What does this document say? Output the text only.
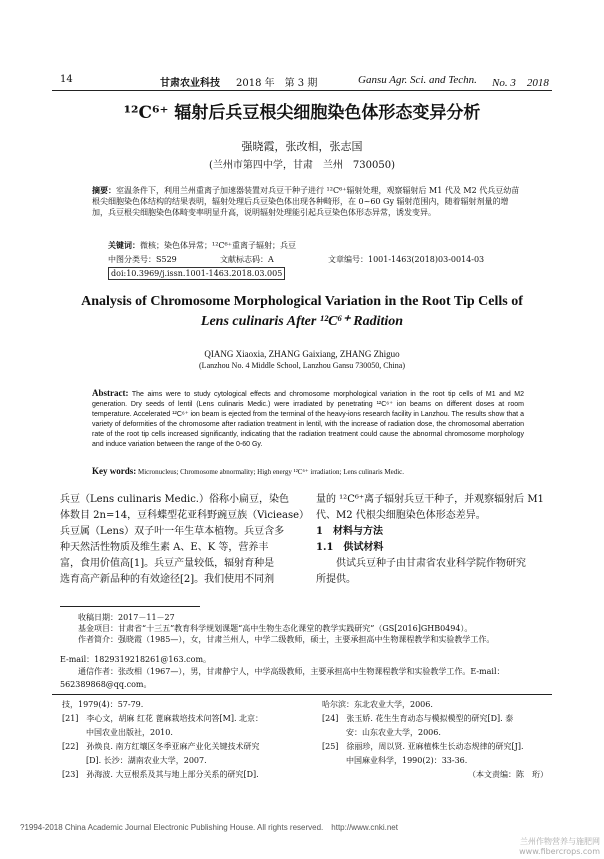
14	甘肃农业科技 2018 年　第 3 期	Gansu Agr. Sci. and Techn. No. 3　2018
¹²C⁶⁺ 辐射后兵豆根尖细胞染色体形态变异分析
强晓霞，张改相，张志国
(兰州市第四中学，甘肃　兰州　730050)
摘要：室温条件下，利用兰州重离子加速器装置对兵豆干种子进行 ¹²C⁶⁺辐射处理，观察辐射后 M1 代及 M2 代兵豆幼苗根尖细胞染色体结构的结果表明，辐射处理后兵豆染色体出现各种畸形，在 0~60 Gy 辐射范围内，随着辐射剂量的增加，兵豆根尖细胞染色体畸变率明显升高，说明辐射处理能引起兵豆染色体形态异常，诱发变异。
关键词：微核；染色体异常；¹²C⁶⁺重离子辐射；兵豆
中图分类号：S529	文献标志码：A	文章编号：1001-1463(2018)03-0014-03
doi:10.3969/j.issn.1001-1463.2018.03.005
Analysis of Chromosome Morphological Variation in the Root Tip Cells of
Lens culinaris After ¹²C⁶⁺ Radition
QIANG Xiaoxia, ZHANG Gaixiang, ZHANG Zhiguo
(Lanzhou No. 4 Middle School, Lanzhou Gansu 730050, China)
Abstract: The aims were to study cytological effects and chromosome morphological variation in the root tip cells of M1 and M2 generation. Dry seeds of lentil (Lens culinaris Medic.) were irradiated by penetrating ¹²C⁶⁺ ion beams on different doses at room temperature. Accelerated ¹²C⁶⁺ ion beam is ejected from the terminal of the heavy-ions research facility in Lanzhou. The results show that a variety of deformities of the chromosome after radiation treatment in lentil, with the increase of radiation dose, the chromosomal aberration rate of the root tip cells increased significantly, indicating that the radiation treatment could cause the abnormal chromosome morphology and induce variation between the range of the 0-60 Gy.
Key words: Micronucleus; Chromosome abnormality; High energy ¹²C⁶⁺ irradiation; Lens culinaris Medic.
兵豆（Lens culinaris Medic.）俗称小扁豆，染色
体数目 2n=14，豆科蝶型花亚科野豌豆族（Viciease）
兵豆属（Lens）双子叶一年生草本植物。兵豆含多
种天然活性物质及维生素 A、E、K 等，营养丰
富，食用价值高[1]。兵豆产量较低，辐射育种是
选育高产新品种的有效途径[2]。我们使用不同剂
量的 ¹²C⁶⁺离子辐射兵豆干种子，并观察辐射后 M1
代、M2 代根尖细胞染色体形态差异。
1　材料与方法
1.1　供试材料
　　供试兵豆种子由甘肃省农业科学院作物研究
所提供。
收稿日期：2017－11－27
基金项目：甘肃省“十三五”教育科学规划课题“高中生物生态化课堂的教学实践研究”（GS[2016]GHB0494）。
作者简介：强晓霞（1985—），女，甘肃兰州人，中学二级教师，硕士，主要承担高中生物课程教学和实验教学工作。
E-mail：1829319218261@163.com。
通信作者：张改相（1967—），男，甘肃静宁人，中学高级教师，主要承担高中生物课程教学和实验教学工作。E-mail：
562389868@qq.com。
技，1979(4)：57-79.
[21]　李心文，胡麻 红花 蓖麻栽培技术问答[M]. 北京：
　　　中国农业出版社，2010.
[22]　孙焕良. 南方红壤区冬季亚麻产业化关键技术研究
　　　[D]. 长沙：湖南农业大学，2007.
[23]　孙海波. 大豆根系及其与地上部分关系的研究[D].
哈尔滨：东北农业大学，2006.
[24]　张玉娇. 花生生育动态与模拟模型的研究[D]. 泰
　　　安：山东农业大学，2006.
[25]　徐丽珍，周以贤. 亚麻植株生长动态规律的研究[J].
　　　中国麻业科学，1990(2)：33-36.
（本文责编：陈　珩）
?1994-2018 China Academic Journal Electronic Publishing House. All rights reserved.　http://www.cnki.net
兰州作物营养与施肥网 www.fibercrops.com
